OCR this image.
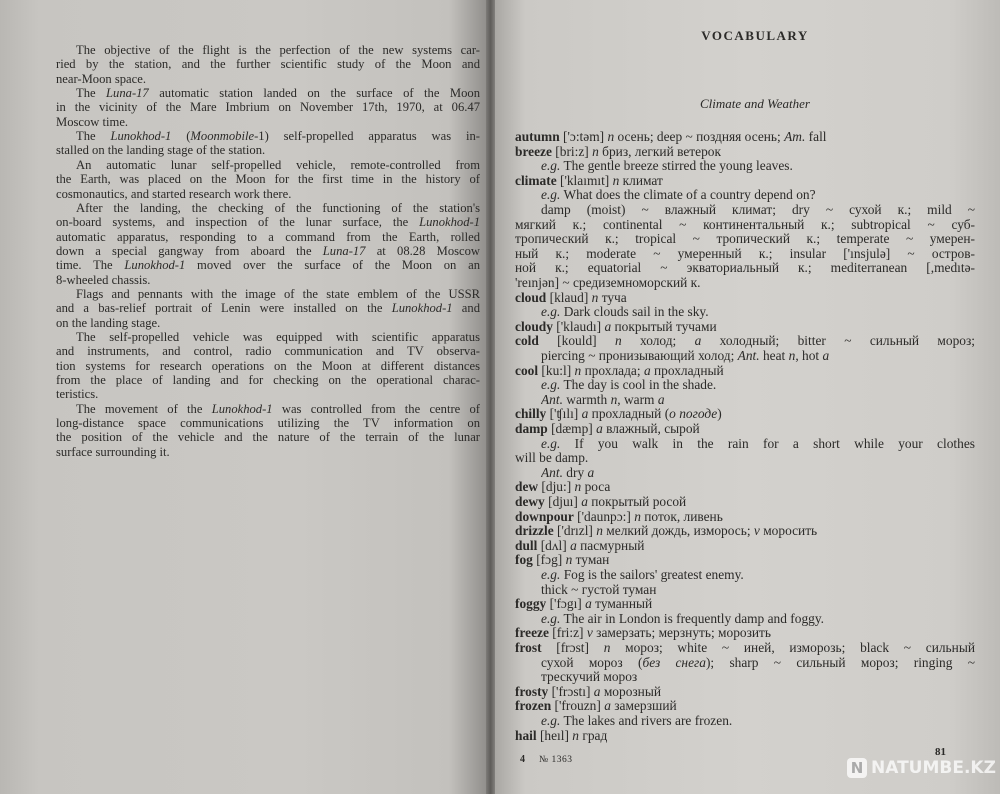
The objective of the flight is the perfection of the new systems car-
ried by the station, and the further scientific study of the Moon and
near-Moon space.
The Luna-17 automatic station landed on the surface of the Moon
in the vicinity of the Mare Imbrium on November 17th, 1970, at 06.47
Moscow time.
The Lunokhod-1 (Moonmobile-1) self-propelled apparatus was in-
stalled on the landing stage of the station.
An automatic lunar self-propelled vehicle, remote-controlled from
the Earth, was placed on the Moon for the first time in the history of
cosmonautics, and started research work there.
After the landing, the checking of the functioning of the station's
on-board systems, and inspection of the lunar surface, the Lunokhod-1
automatic apparatus, responding to a command from the Earth, rolled
down a special gangway from aboard the Luna-17 at 08.28 Moscow
time. The Lunokhod-1 moved over the surface of the Moon on an
8-wheeled chassis.
Flags and pennants with the image of the state emblem of the USSR
and a bas-relief portrait of Lenin were installed on the Lunokhod-1 and
on the landing stage.
The self-propelled vehicle was equipped with scientific apparatus
and instruments, and control, radio communication and TV observa-
tion systems for research operations on the Moon at different distances
from the place of landing and for checking on the operational charac-
teristics.
The movement of the Lunokhod-1 was controlled from the centre of
long-distance space communications utilizing the TV information on
the position of the vehicle and the nature of the terrain of the lunar
surface surrounding it.
VOCABULARY
Climate and Weather
4 № 1363
81
N NATUMBE.KZ
autumn ['ɔ:təm] n осень; deep ~ поздняя осень; Am. fall
breeze [bri:z] n бриз, легкий ветерок
e.g. The gentle breeze stirred the young leaves.
climate ['klaımıt] n климат
e.g. What does the climate of a country depend on?
damp (moist) ~ влажный климат; dry ~ сухой к.; mild ~
мягкий к.; continental ~ континентальный к.; subtropical ~ суб-
тропический к.; tropical ~ тропический к.; temperate ~ умерен-
ный к.; moderate ~ умеренный к.; insular ['ınsjulə] ~ остров-
ной к.; equatorial ~ экваториальный к.; mediterranean [,medıtə-
'reınjən] ~ средиземноморский к.
cloud [klaud] n туча
e.g. Dark clouds sail in the sky.
cloudy ['klaudı] a покрытый тучами
cold [kould] n холод; a холодный; bitter ~ сильный мороз;
piercing ~ пронизывающий холод; Ant. heat n, hot a
cool [ku:l] n прохлада; a прохладный
e.g. The day is cool in the shade.
Ant. warmth n, warm a
chilly ['ʧılı] a прохладный (о погоде)
damp [dæmp] a влажный, сырой
e.g. If you walk in the rain for a short while your clothes
will be damp.
Ant. dry a
dew [dju:] n роса
dewy [djuı] a покрытый росой
downpour ['daunpɔ:] n поток, ливень
drizzle ['drızl] n мелкий дождь, изморось; v моросить
dull [dʌl] a пасмурный
fog [fɔg] n туман
e.g. Fog is the sailors' greatest enemy.
thick ~ густой туман
foggy ['fɔgı] a туманный
e.g. The air in London is frequently damp and foggy.
freeze [fri:z] v замерзать; мерзнуть; морозить
frost [frɔst] n мороз; white ~ иней, изморозь; black ~ сильный
сухой мороз (без снега); sharp ~ сильный мороз; ringing ~
трескучий мороз
frosty ['frɔstı] a морозный
frozen ['frouzn] a замерзший
e.g. The lakes and rivers are frozen.
hail [heıl] n град
